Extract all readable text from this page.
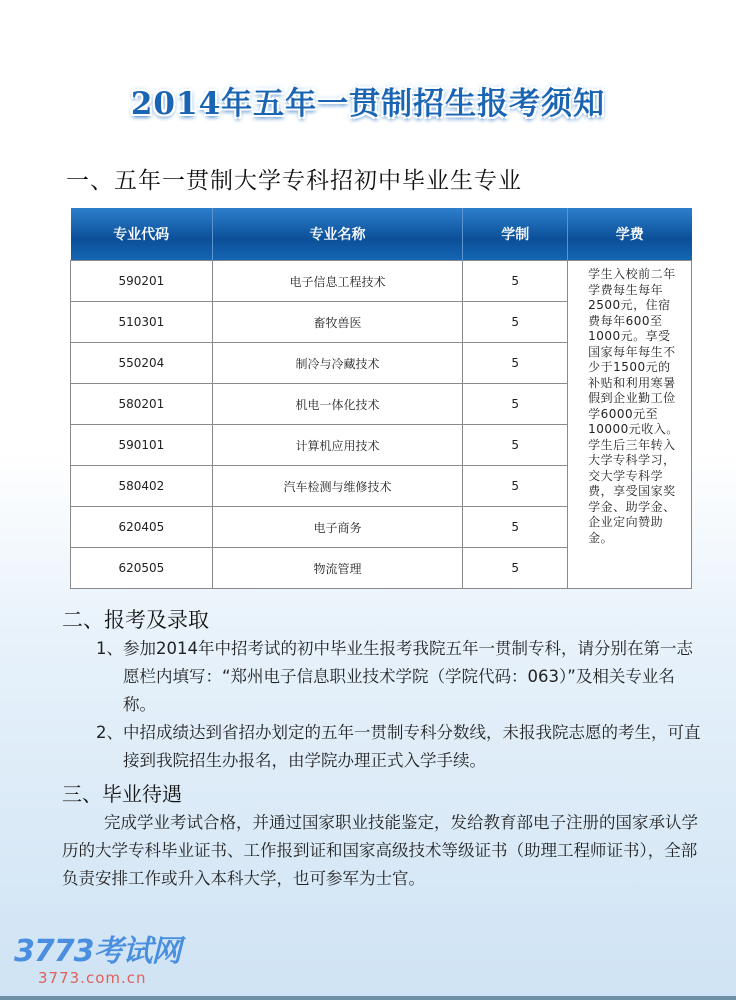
2014年五年一贯制招生报考须知
一、五年一贯制大学专科招初中毕业生专业
专业代码	专业名称	学制	学费
590201	电子信息工程技术	5	学生入校前二年学费每生每年2500元，住宿费每年600至1000元。享受国家每年每生不少于1500元的补贴和利用寒暑假到企业勤工俭学6000元至10000元收入。
学生后三年转入大学专科学习，交大学专科学费，享受国家奖学金、助学金、企业定向赞助金。
510301	畜牧兽医	5	
550204	制冷与冷藏技术	5	
580201	机电一体化技术	5	
590101	计算机应用技术	5	
580402	汽车检测与维修技术	5	
620405	电子商务	5	
620505	物流管理	5	
二、报考及录取
1、 参加2014年中招考试的初中毕业生报考我院五年一贯制专科，请分别在第一志愿栏内填写：“郑州电子信息职业技术学院（学院代码：063）”及相关专业名称。
2、 中招成绩达到省招办划定的五年一贯制专科分数线，未报我院志愿的考生，可直接到我院招生办报名，由学院办理正式入学手续。
三、毕业待遇
完成学业考试合格，并通过国家职业技能鉴定，发给教育部电子注册的国家承认学历的大学专科毕业证书、工作报到证和国家高级技术等级证书（助理工程师证书），全部负责安排工作或升入本科大学，也可参军为士官。
3773考试网
3773.com.cn
